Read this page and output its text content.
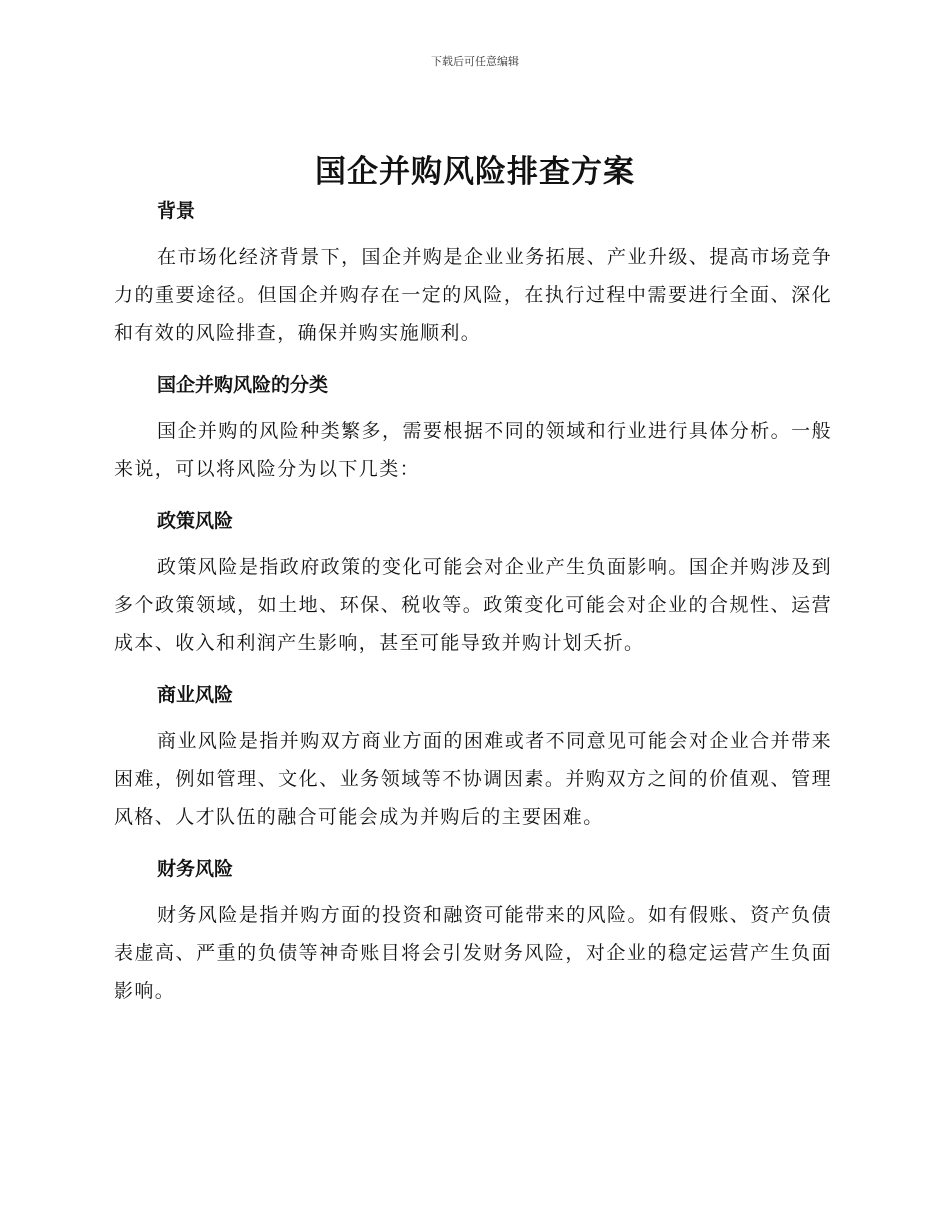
下载后可任意编辑
国企并购风险排查方案
背景

在市场化经济背景下，国企并购是企业业务拓展、产业升级、提高市场竞争力的重要途径。但国企并购存在一定的风险，在执行过程中需要进行全面、深化和有效的风险排查，确保并购实施顺利。

国企并购风险的分类

国企并购的风险种类繁多，需要根据不同的领域和行业进行具体分析。一般来说，可以将风险分为以下几类：

政策风险

政策风险是指政府政策的变化可能会对企业产生负面影响。国企并购涉及到多个政策领域，如土地、环保、税收等。政策变化可能会对企业的合规性、运营成本、收入和利润产生影响，甚至可能导致并购计划夭折。

商业风险

商业风险是指并购双方商业方面的困难或者不同意见可能会对企业合并带来困难，例如管理、文化、业务领域等不协调因素。并购双方之间的价值观、管理风格、人才队伍的融合可能会成为并购后的主要困难。

财务风险

财务风险是指并购方面的投资和融资可能带来的风险。如有假账、资产负债表虚高、严重的负债等神奇账目将会引发财务风险，对企业的稳定运营产生负面影响。
